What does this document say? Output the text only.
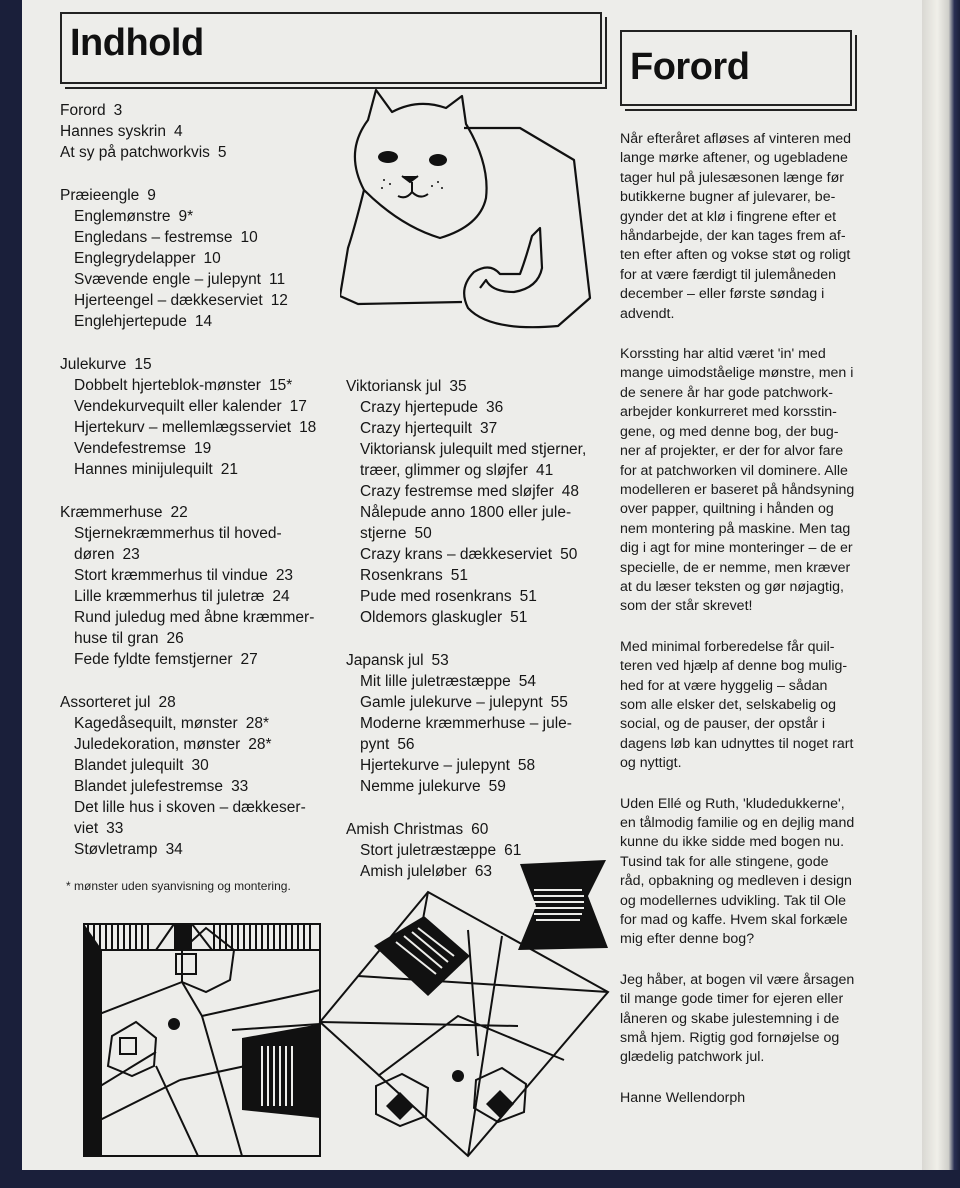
Indhold
Forord
Forord 3
Hannes syskrin 4
At sy på patchworkvis 5
Præieengle 9
Englemønstre 9*
Engledans – festremse 10
Englegrydelapper 10
Svævende engle – julepynt 11
Hjerteengel – dækkeserviet 12
Englehjertepude 14
Julekurve 15
Dobbelt hjerteblok-mønster 15*
Vendekurvequilt eller kalender 17
Hjertekurv – mellemlægsserviet 18
Vendefestremse 19
Hannes minijulequilt 21
Kræmmerhuse 22
Stjernekræmmerhus til hoved-
døren 23
Stort kræmmerhus til vindue 23
Lille kræmmerhus til juletræ 24
Rund juledug med åbne kræmmer-
huse til gran 26
Fede fyldte femstjerner 27
Assorteret jul 28
Kagedåsequilt, mønster 28*
Juledekoration, mønster 28*
Blandet julequilt 30
Blandet julefestremse 33
Det lille hus i skoven – dækkeser-
viet 33
Støvletramp 34
Viktoriansk jul 35
Crazy hjertepude 36
Crazy hjertequilt 37
Viktoriansk julequilt med stjerner,
træer, glimmer og sløjfer 41
Crazy festremse med sløjfer 48
Nålepude anno 1800 eller jule-
stjerne 50
Crazy krans – dækkeserviet 50
Rosenkrans 51
Pude med rosenkrans 51
Oldemors glaskugler 51
Japansk jul 53
Mit lille juletræstæppe 54
Gamle julekurve – julepynt 55
Moderne kræmmerhuse – jule-
pynt 56
Hjertekurve – julepynt 58
Nemme julekurve 59
Amish Christmas 60
Stort juletræstæppe 61
Amish juleløber 63
* mønster uden syanvisning og montering.

Når efteråret afløses af vinteren med
lange mørke aftener, og ugebladene
tager hul på julesæsonen længe før
butikkerne bugner af julevarer, be-
gynder det at klø i fingrene efter et
håndarbejde, der kan tages frem af-
ten efter aften og vokse støt og roligt
for at være færdigt til julemåneden
december – eller første søndag i
advendt.

Korssting har altid været 'in' med
mange uimodståelige mønstre, men i
de senere år har gode patchwork-
arbejder konkurreret med korsstin-
gene, og med denne bog, der bug-
ner af projekter, er der for alvor fare
for at patchworken vil dominere. Alle
modelleren er baseret på håndsyning
over papper, quiltning i hånden og
nem montering på maskine. Men tag
dig i agt for mine monteringer – de er
specielle, de er nemme, men kræver
at du læser teksten og gør nøjagtig,
som der står skrevet!

Med minimal forberedelse får quil-
teren ved hjælp af denne bog mulig-
hed for at være hyggelig – sådan
som alle elsker det, selskabelig og
social, og de pauser, der opstår i
dagens løb kan udnyttes til noget rart
og nyttigt.

Uden Ellé og Ruth, 'kludedukkerne',
en tålmodig familie og en dejlig mand
kunne du ikke sidde med bogen nu.
Tusind tak for alle stingene, gode
råd, opbakning og medleven i design
og modellernes udvikling. Tak til Ole
for mad og kaffe. Hvem skal forkæle
mig efter denne bog?

Jeg håber, at bogen vil være årsagen
til mange gode timer for ejeren eller
låneren og skabe julestemning i de
små hjem. Rigtig god fornøjelse og
glædelig patchwork jul.

Hanne Wellendorph
